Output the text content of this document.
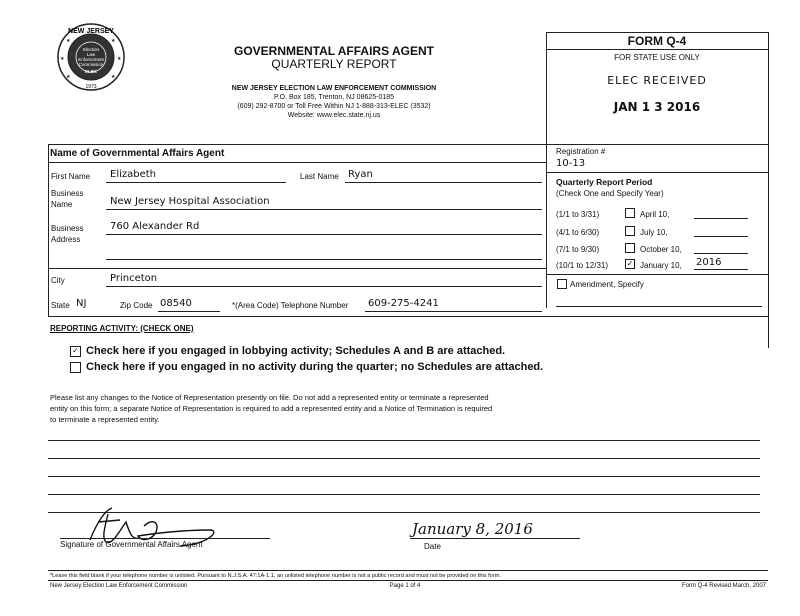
★	★
★	★
★	★
NEW JERSEY
Election
Law
Enforcement
Commission
ELEC
1973
GOVERNMENTAL AFFAIRS AGENT
QUARTERLY REPORT
NEW JERSEY ELECTION LAW ENFORCEMENT COMMISSION
P.O. Box 185, Trenton, NJ 08625-0185
(609) 292-8700 or Toll Free Within NJ 1-888-313-ELEC (3532)
Website: www.elec.state.nj.us
FORM Q-4
FOR STATE USE ONLY
ELEC RECEIVED
JAN 1 3 2016
Name of Governmental Affairs Agent
First Name Elizabeth	Last Name Ryan
Business
Name	New Jersey Hospital Association
Business
Address
760 Alexander Rd
City	Princeton
State NJ	Zip Code 08540	*(Area Code) Telephone Number 609-275-4241
Registration #
10-13
Quarterly Report Period
(Check One and Specify Year)
(1/1 to 3/31)	April 10,
(4/1 to 6/30)	July 10,
(7/1 to 9/30)	October 10,
(10/1 to 12/31) ✓ January 10, 2016
Amendment, Specify
REPORTING ACTIVITY: (CHECK ONE)
✓ Check here if you engaged in lobbying activity; Schedules A and B are attached.
Check here if you engaged in no activity during the quarter; no Schedules are attached.
Please list any changes to the Notice of Representation presently on file. Do not add a represented entity or terminate a represented
entity on this form; a separate Notice of Representation is required to add a represented entity and a Notice of Termination is required
to terminate a represented entity.
Signature of Governmental Affairs Agent
January 8, 2016
Date
*Leave this field blank if your telephone number is unlisted. Pursuant to N.J.S.A. 47:1A-1.1, an unlisted telephone number is not a public record and must not be provided on this form.
New Jersey Election Law Enforcement Commission	Page 1 of 4	Form Q-4 Revised March, 2007
